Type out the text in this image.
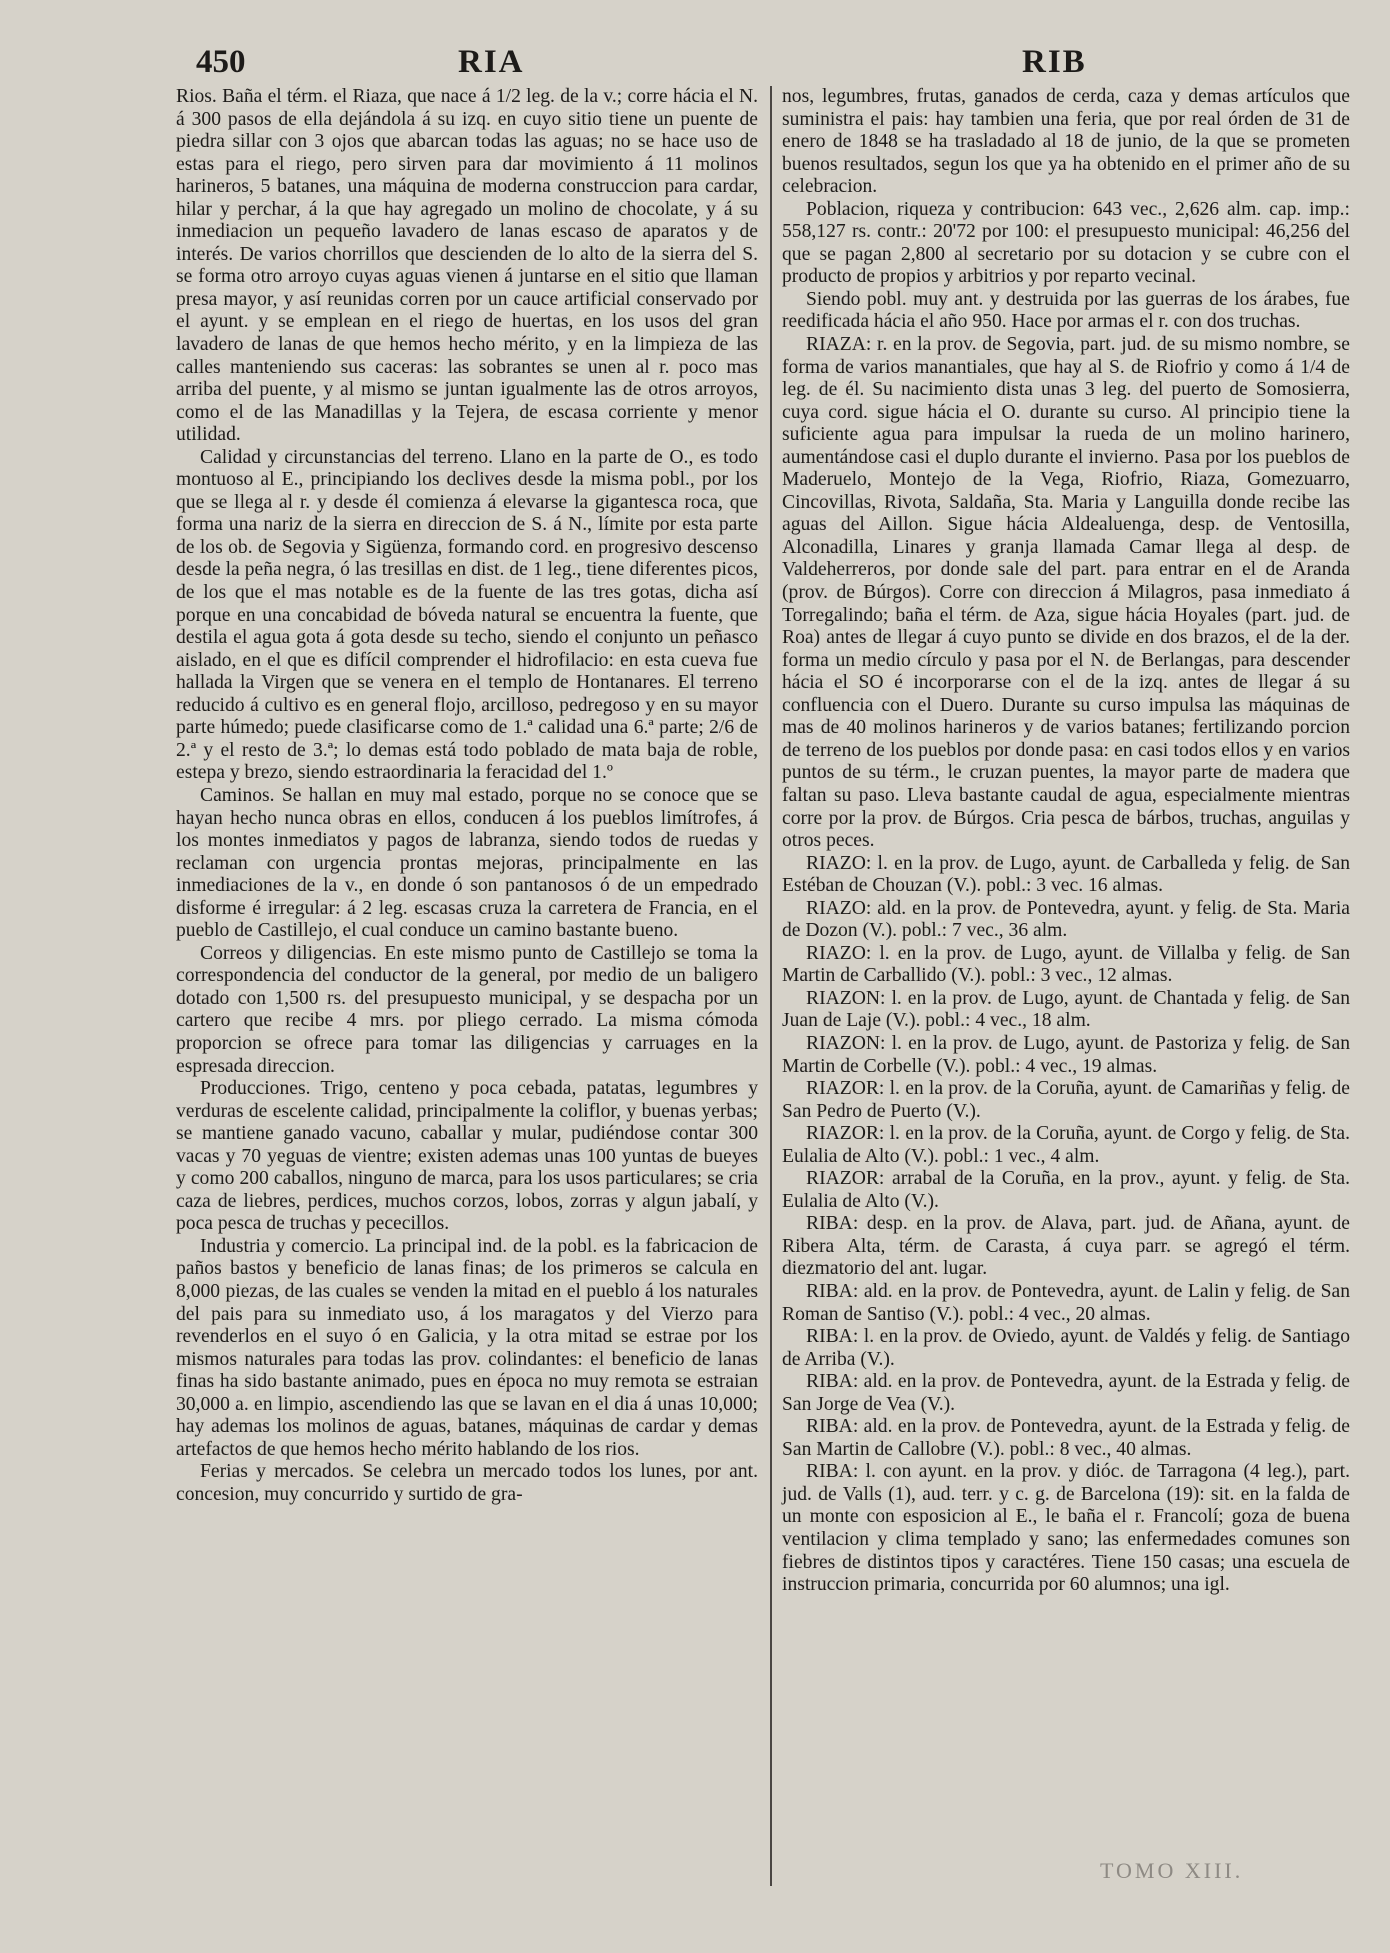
450	RIA	RIB

Rios. Baña el térm. el Riaza, que nace á 1/2 leg. de la v.; corre hácia el N. á 300 pasos de ella dejándola á su izq. en cuyo sitio tiene un puente de piedra sillar con 3 ojos que abarcan todas las aguas; no se hace uso de estas para el riego, pero sirven para dar movimiento á 11 molinos harineros, 5 batanes, una máquina de moderna construccion para cardar, hilar y perchar, á la que hay agregado un molino de chocolate, y á su inmediacion un pequeño lavadero de lanas escaso de aparatos y de interés. De varios chorrillos que descienden de lo alto de la sierra del S. se forma otro arroyo cuyas aguas vienen á juntarse en el sitio que llaman presa mayor, y así reunidas corren por un cauce artificial conservado por el ayunt. y se emplean en el riego de huertas, en los usos del gran lavadero de lanas de que hemos hecho mérito, y en la limpieza de las calles manteniendo sus caceras: las sobrantes se unen al r. poco mas arriba del puente, y al mismo se juntan igualmente las de otros arroyos, como el de las Manadillas y la Tejera, de escasa corriente y menor utilidad.

Calidad y circunstancias del terreno. Llano en la parte de O., es todo montuoso al E., principiando los declives desde la misma pobl., por los que se llega al r. y desde él comienza á elevarse la gigantesca roca, que forma una nariz de la sierra en direccion de S. á N., límite por esta parte de los ob. de Segovia y Sigüenza, formando cord. en progresivo descenso desde la peña negra, ó las tresillas en dist. de 1 leg., tiene diferentes picos, de los que el mas notable es de la fuente de las tres gotas, dicha así porque en una concabidad de bóveda natural se encuentra la fuente, que destila el agua gota á gota desde su techo, siendo el conjunto un peñasco aislado, en el que es difícil comprender el hidrofilacio: en esta cueva fue hallada la Virgen que se venera en el templo de Hontanares. El terreno reducido á cultivo es en general flojo, arcilloso, pedregoso y en su mayor parte húmedo; puede clasificarse como de 1.ª calidad una 6.ª parte; 2/6 de 2.ª y el resto de 3.ª; lo demas está todo poblado de mata baja de roble, estepa y brezo, siendo estraordinaria la feracidad del 1.º

Caminos. Se hallan en muy mal estado, porque no se conoce que se hayan hecho nunca obras en ellos, conducen á los pueblos limítrofes, á los montes inmediatos y pagos de labranza, siendo todos de ruedas y reclaman con urgencia prontas mejoras, principalmente en las inmediaciones de la v., en donde ó son pantanosos ó de un empedrado disforme é irregular: á 2 leg. escasas cruza la carretera de Francia, en el pueblo de Castillejo, el cual conduce un camino bastante bueno.

Correos y diligencias. En este mismo punto de Castillejo se toma la correspondencia del conductor de la general, por medio de un baligero dotado con 1,500 rs. del presupuesto municipal, y se despacha por un cartero que recibe 4 mrs. por pliego cerrado. La misma cómoda proporcion se ofrece para tomar las diligencias y carruages en la espresada direccion.

Producciones. Trigo, centeno y poca cebada, patatas, legumbres y verduras de escelente calidad, principalmente la coliflor, y buenas yerbas; se mantiene ganado vacuno, caballar y mular, pudiéndose contar 300 vacas y 70 yeguas de vientre; existen ademas unas 100 yuntas de bueyes y como 200 caballos, ninguno de marca, para los usos particulares; se cria caza de liebres, perdices, muchos corzos, lobos, zorras y algun jabalí, y poca pesca de truchas y pececillos.

Industria y comercio. La principal ind. de la pobl. es la fabricacion de paños bastos y beneficio de lanas finas; de los primeros se calcula en 8,000 piezas, de las cuales se venden la mitad en el pueblo á los naturales del pais para su inmediato uso, á los maragatos y del Vierzo para revenderlos en el suyo ó en Galicia, y la otra mitad se estrae por los mismos naturales para todas las prov. colindantes: el beneficio de lanas finas ha sido bastante animado, pues en época no muy remota se estraian 30,000 a. en limpio, ascendiendo las que se lavan en el dia á unas 10,000; hay ademas los molinos de aguas, batanes, máquinas de cardar y demas artefactos de que hemos hecho mérito hablando de los rios.

Ferias y mercados. Se celebra un mercado todos los lunes, por ant. concesion, muy concurrido y surtido de gra-

nos, legumbres, frutas, ganados de cerda, caza y demas artículos que suministra el pais: hay tambien una feria, que por real órden de 31 de enero de 1848 se ha trasladado al 18 de junio, de la que se prometen buenos resultados, segun los que ya ha obtenido en el primer año de su celebracion.

Poblacion, riqueza y contribucion: 643 vec., 2,626 alm. cap. imp.: 558,127 rs. contr.: 20'72 por 100: el presupuesto municipal: 46,256 del que se pagan 2,800 al secretario por su dotacion y se cubre con el producto de propios y arbitrios y por reparto vecinal.

Siendo pobl. muy ant. y destruida por las guerras de los árabes, fue reedificada hácia el año 950. Hace por armas el r. con dos truchas.

RIAZA: r. en la prov. de Segovia, part. jud. de su mismo nombre, se forma de varios manantiales, que hay al S. de Riofrio y como á 1/4 de leg. de él. Su nacimiento dista unas 3 leg. del puerto de Somosierra, cuya cord. sigue hácia el O. durante su curso. Al principio tiene la suficiente agua para impulsar la rueda de un molino harinero, aumentándose casi el duplo durante el invierno. Pasa por los pueblos de Maderuelo, Montejo de la Vega, Riofrio, Riaza, Gomezuarro, Cincovillas, Rivota, Saldaña, Sta. Maria y Languilla donde recibe las aguas del Aillon. Sigue hácia Aldealuenga, desp. de Ventosilla, Alconadilla, Linares y granja llamada Camar llega al desp. de Valdeherreros, por donde sale del part. para entrar en el de Aranda (prov. de Búrgos). Corre con direccion á Milagros, pasa inmediato á Torregalindo; baña el térm. de Aza, sigue hácia Hoyales (part. jud. de Roa) antes de llegar á cuyo punto se divide en dos brazos, el de la der. forma un medio círculo y pasa por el N. de Berlangas, para descender hácia el SO é incorporarse con el de la izq. antes de llegar á su confluencia con el Duero. Durante su curso impulsa las máquinas de mas de 40 molinos harineros y de varios batanes; fertilizando porcion de terreno de los pueblos por donde pasa: en casi todos ellos y en varios puntos de su térm., le cruzan puentes, la mayor parte de madera que faltan su paso. Lleva bastante caudal de agua, especialmente mientras corre por la prov. de Búrgos. Cria pesca de bárbos, truchas, anguilas y otros peces.

RIAZO: l. en la prov. de Lugo, ayunt. de Carballeda y felig. de San Estéban de Chouzan (V.). pobl.: 3 vec. 16 almas.

RIAZO: ald. en la prov. de Pontevedra, ayunt. y felig. de Sta. Maria de Dozon (V.). pobl.: 7 vec., 36 alm.

RIAZO: l. en la prov. de Lugo, ayunt. de Villalba y felig. de San Martin de Carballido (V.). pobl.: 3 vec., 12 almas.

RIAZON: l. en la prov. de Lugo, ayunt. de Chantada y felig. de San Juan de Laje (V.). pobl.: 4 vec., 18 alm.

RIAZON: l. en la prov. de Lugo, ayunt. de Pastoriza y felig. de San Martin de Corbelle (V.). pobl.: 4 vec., 19 almas.

RIAZOR: l. en la prov. de la Coruña, ayunt. de Camariñas y felig. de San Pedro de Puerto (V.).

RIAZOR: l. en la prov. de la Coruña, ayunt. de Corgo y felig. de Sta. Eulalia de Alto (V.). pobl.: 1 vec., 4 alm.

RIAZOR: arrabal de la Coruña, en la prov., ayunt. y felig. de Sta. Eulalia de Alto (V.).

RIBA: desp. en la prov. de Alava, part. jud. de Añana, ayunt. de Ribera Alta, térm. de Carasta, á cuya parr. se agregó el térm. diezmatorio del ant. lugar.

RIBA: ald. en la prov. de Pontevedra, ayunt. de Lalin y felig. de San Roman de Santiso (V.). pobl.: 4 vec., 20 almas.

RIBA: l. en la prov. de Oviedo, ayunt. de Valdés y felig. de Santiago de Arriba (V.).

RIBA: ald. en la prov. de Pontevedra, ayunt. de la Estrada y felig. de San Jorge de Vea (V.).

RIBA: ald. en la prov. de Pontevedra, ayunt. de la Estrada y felig. de San Martin de Callobre (V.). pobl.: 8 vec., 40 almas.

RIBA: l. con ayunt. en la prov. y dióc. de Tarragona (4 leg.), part. jud. de Valls (1), aud. terr. y c. g. de Barcelona (19): sit. en la falda de un monte con esposicion al E., le baña el r. Francolí; goza de buena ventilacion y clima templado y sano; las enfermedades comunes son fiebres de distintos tipos y caractéres. Tiene 150 casas; una escuela de instruccion primaria, concurrida por 60 alumnos; una igl.

TOMO XIII.
